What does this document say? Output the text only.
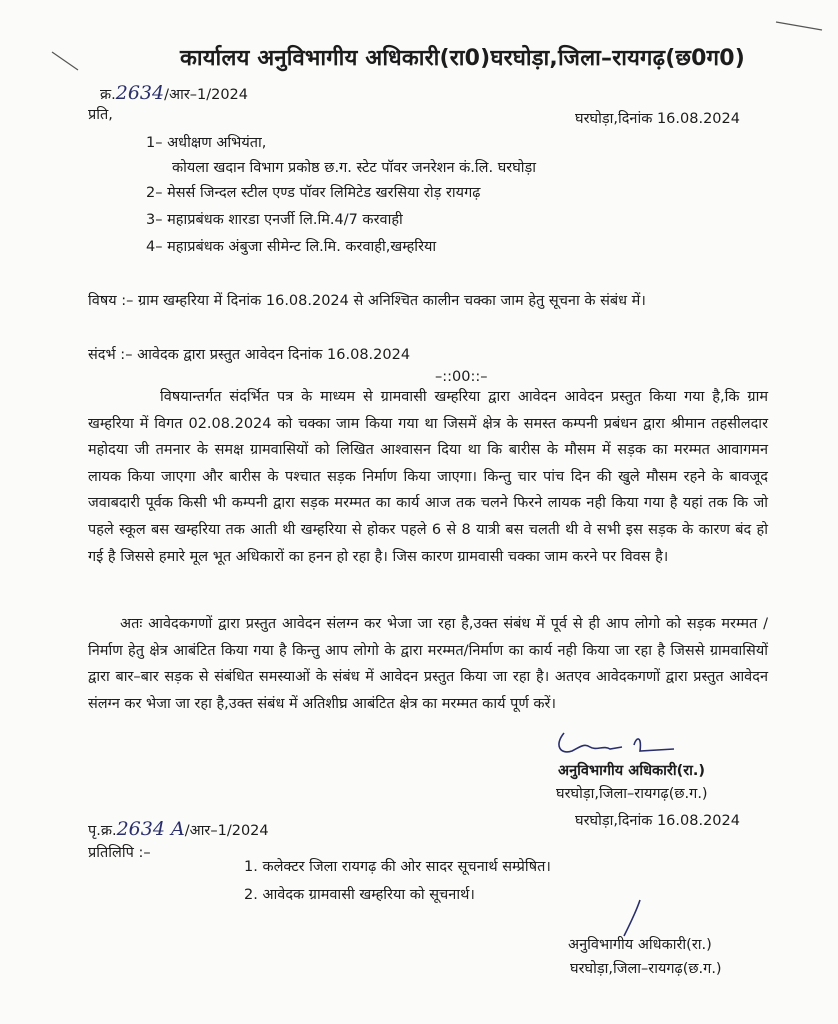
कार्यालय अनुविभागीय अधिकारी(रा0)घरघोड़ा,जिला–रायगढ़(छ0ग0)
क्र.2634/आर–1/2024
प्रति,	घरघोड़ा,दिनांक 16.08.2024
1– अधीक्षण अभियंता,
कोयला खदान विभाग प्रकोष्ठ छ.ग. स्टेट पॉवर जनरेशन कं.लि. घरघोड़ा
2– मेसर्स जिन्दल स्टील एण्ड पॉवर लिमिटेड खरसिया रोड़ रायगढ़
3– महाप्रबंधक शारडा एनर्जी लि.मि.4/7 करवाही
4– महाप्रबंधक अंबुजा सीमेन्ट लि.मि. करवाही,खम्हरिया
विषय :– ग्राम खम्हरिया में दिनांक 16.08.2024 से अनिश्चित कालीन चक्का जाम हेतु सूचना के संबंध में।
संदर्भ :– आवेदक द्वारा प्रस्तुत आवेदन दिनांक 16.08.2024
–::00::–
विषयान्तर्गत संदर्भित पत्र के माध्यम से ग्रामवासी खम्हरिया द्वारा आवेदन आवेदन प्रस्तुत किया गया है,कि ग्राम खम्हरिया में विगत 02.08.2024 को चक्का जाम किया गया था जिसमें क्षेत्र के समस्त कम्पनी प्रबंधन द्वारा श्रीमान तहसीलदार महोदया जी तमनार के समक्ष ग्रामवासियों को लिखित आश्वासन दिया था कि बारीस के मौसम में सड़क का मरम्मत आवागमन लायक किया जाएगा और बारीस के पश्चात सड़क निर्माण किया जाएगा। किन्तु चार पांच दिन की खुले मौसम रहने के बावजूद जवाबदारी पूर्वक किसी भी कम्पनी द्वारा सड़क मरम्मत का कार्य आज तक चलने फिरने लायक नही किया गया है यहां तक कि जो पहले स्कूल बस खम्हरिया तक आती थी खम्हरिया से होकर पहले 6 से 8 यात्री बस चलती थी वे सभी इस सड़क के कारण बंद हो गई है जिससे हमारे मूल भूत अधिकारों का हनन हो रहा है। जिस कारण ग्रामवासी चक्का जाम करने पर विवस है।
अतः आवेदकगणों द्वारा प्रस्तुत आवेदन संलग्न कर भेजा जा रहा है,उक्त संबंध में पूर्व से ही आप लोगो को सड़क मरम्मत /निर्माण हेतु क्षेत्र आबंटित किया गया है किन्तु आप लोगो के द्वारा मरम्मत/निर्माण का कार्य नही किया जा रहा है जिससे ग्रामवासियों द्वारा बार–बार सड़क से संबंधित समस्याओं के संबंध में आवेदन प्रस्तुत किया जा रहा है। अतएव आवेदकगणों द्वारा प्रस्तुत आवेदन संलग्न कर भेजा जा रहा है,उक्त संबंध में अतिशीघ्र आबंटित क्षेत्र का मरम्मत कार्य पूर्ण करें।
अनुविभागीय अधिकारी(रा.)
घरघोड़ा,जिला–रायगढ़(छ.ग.)
पृ.क्र.2634 A/आर–1/2024
घरघोड़ा,दिनांक 16.08.2024
प्रतिलिपि :–
1. कलेक्टर जिला रायगढ़ की ओर सादर सूचनार्थ सम्प्रेषित।
2. आवेदक ग्रामवासी खम्हरिया को सूचनार्थ।
अनुविभागीय अधिकारी(रा.)
घरघोड़ा,जिला–रायगढ़(छ.ग.)
